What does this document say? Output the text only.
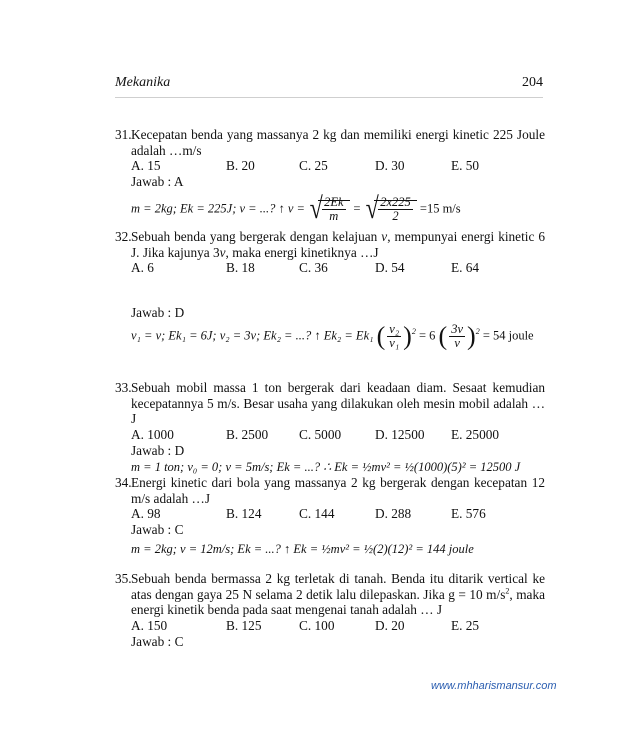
Mekanika	204
31. Kecepatan benda yang massanya 2 kg dan memiliki energi kinetic 225 Joule adalah …m/s
A. 15	B. 20	C. 25	D. 30	E. 50
Jawab : A
m = 2kg; Ek = 225J; v = ...? ↑ v = √ $\frac{2Ek}{m}$ = √ $\frac{2x225}{2} =15$ m/s
32. Sebuah benda yang bergerak dengan kelajuan v, mempunyai energi kinetic 6 J. Jika kajunya 3v, maka energi kinetiknya …J
A. 6	B. 18	C. 36	D. 54	E. 64
Jawab : D
v₁ = v; Ek₁ = 6J; v₂ = 3v; Ek₂ = ...? ↑ Ek₂ = Ek₁ ( $\frac{\text{v₂}}{\text{v₁}} )^2 = 6$ ( $\frac{3v}{v} )^2 = 54$ joule
33. Sebuah mobil massa 1 ton bergerak dari keadaan diam. Sesaat kemudian kecepatannya 5 m/s. Besar usaha yang dilakukan oleh mesin mobil adalah …J
A. 1000	B. 2500 C. 5000	D. 12500 E. 25000
Jawab : D
m = 1 ton; v₀ = 0; v = 5m/s; Ek = ...? ∴ Ek = ½mv² = ½(1000)(5)² = 12500 J
34. Energi kinetic dari bola yang massanya 2 kg bergerak dengan kecepatan 12 m/s adalah …J
A. 98	B. 124	C. 144	D. 288	E. 576
Jawab : C
m = 2kg; v = 12m/s; Ek = ...? ↑ Ek = ½mv² = ½(2)(12)² = 144 joule
35. Sebuah benda bermassa 2 kg terletak di tanah. Benda itu ditarik vertical ke atas dengan gaya 25 N selama 2 detik lalu dilepaskan. Jika g = 10 $m/s^2$, maka energi kinetik benda pada saat mengenai tanah adalah … J
A. 150	B. 125	C. 100	D. 20	E. 25
Jawab : C
www.mhharismansur.com
